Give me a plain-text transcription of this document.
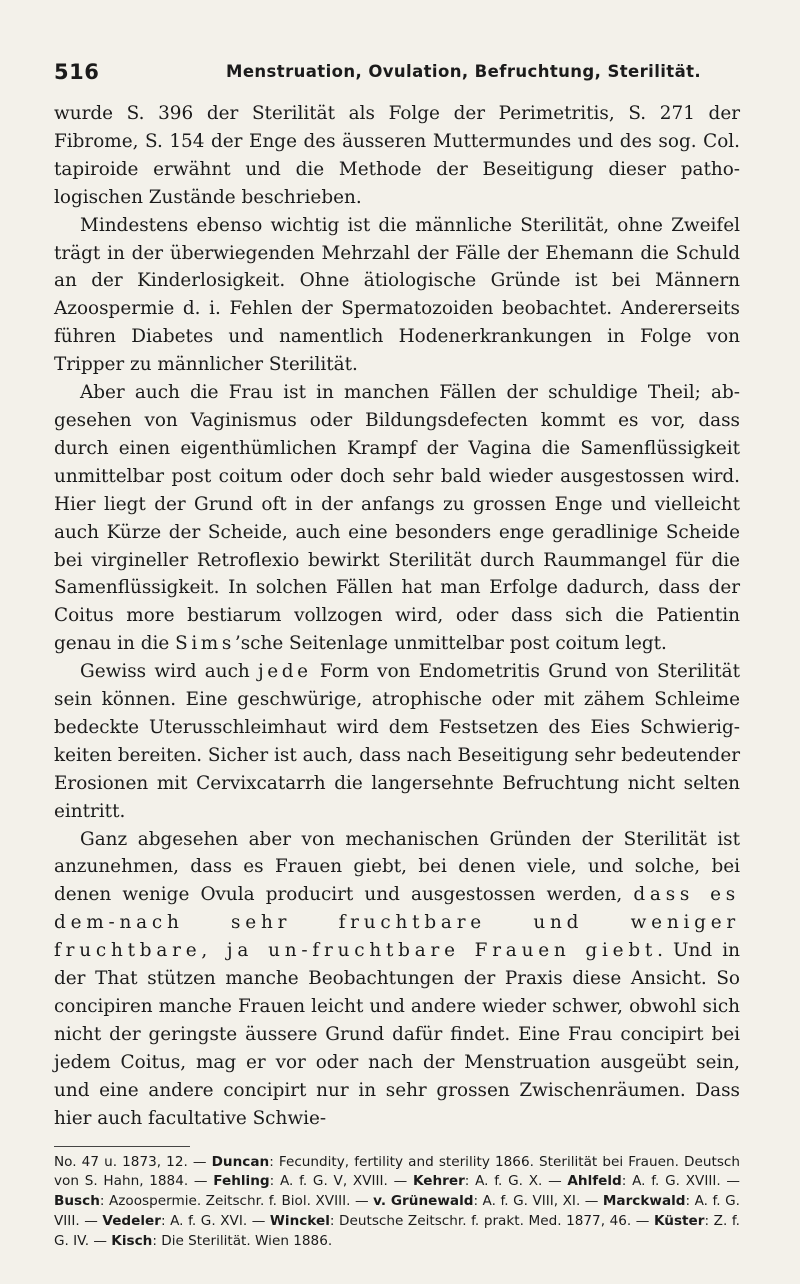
516	Menstruation, Ovulation, Befruchtung, Sterilität.

wurde S. 396 der Sterilität als Folge der Perimetritis, S. 271 der Fibrome, S. 154 der Enge des äusseren Muttermundes und des sog. Col. tapiroide erwähnt und die Methode der Beseitigung dieser patho-logischen Zustände beschrieben.

Mindestens ebenso wichtig ist die männliche Sterilität, ohne Zweifel trägt in der überwiegenden Mehrzahl der Fälle der Ehemann die Schuld an der Kinderlosigkeit. Ohne ätiologische Gründe ist bei Männern Azoospermie d. i. Fehlen der Spermatozoiden beobachtet. Andererseits führen Diabetes und namentlich Hodenerkrankungen in Folge von Tripper zu männlicher Sterilität.

Aber auch die Frau ist in manchen Fällen der schuldige Theil; ab-gesehen von Vaginismus oder Bildungsdefecten kommt es vor, dass durch einen eigenthümlichen Krampf der Vagina die Samenflüssigkeit unmittelbar post coitum oder doch sehr bald wieder ausgestossen wird. Hier liegt der Grund oft in der anfangs zu grossen Enge und vielleicht auch Kürze der Scheide, auch eine besonders enge geradlinige Scheide bei virgineller Retroflexio bewirkt Sterilität durch Raummangel für die Samenflüssigkeit. In solchen Fällen hat man Erfolge dadurch, dass der Coitus more bestiarum vollzogen wird, oder dass sich die Patientin genau in die Sims’sche Seitenlage unmittelbar post coitum legt.

Gewiss wird auch jede Form von Endometritis Grund von Sterilität sein können. Eine geschwürige, atrophische oder mit zähem Schleime bedeckte Uterusschleimhaut wird dem Festsetzen des Eies Schwierig-keiten bereiten. Sicher ist auch, dass nach Beseitigung sehr bedeutender Erosionen mit Cervixcatarrh die langersehnte Befruchtung nicht selten eintritt.

Ganz abgesehen aber von mechanischen Gründen der Sterilität ist anzunehmen, dass es Frauen giebt, bei denen viele, und solche, bei denen wenige Ovula producirt und ausgestossen werden, dass es dem-nach sehr fruchtbare und weniger fruchtbare, ja un-fruchtbare Frauen giebt. Und in der That stützen manche Beobachtungen der Praxis diese Ansicht. So concipiren manche Frauen leicht und andere wieder schwer, obwohl sich nicht der geringste äussere Grund dafür findet. Eine Frau concipirt bei jedem Coitus, mag er vor oder nach der Menstruation ausgeübt sein, und eine andere concipirt nur in sehr grossen Zwischenräumen. Dass hier auch facultative Schwie-

No. 47 u. 1873, 12. — Duncan: Fecundity, fertility and sterility 1866. Sterilität bei Frauen. Deutsch von S. Hahn, 1884. — Fehling: A. f. G. V, XVIII. — Kehrer: A. f. G. X. — Ahlfeld: A. f. G. XVIII. — Busch: Azoospermie. Zeitschr. f. Biol. XVIII. — v. Grünewald: A. f. G. VIII, XI. — Marckwald: A. f. G. VIII. — Vedeler: A. f. G. XVI. — Winckel: Deutsche Zeitschr. f. prakt. Med. 1877, 46. — Küster: Z. f. G. IV. — Kisch: Die Sterilität. Wien 1886.
